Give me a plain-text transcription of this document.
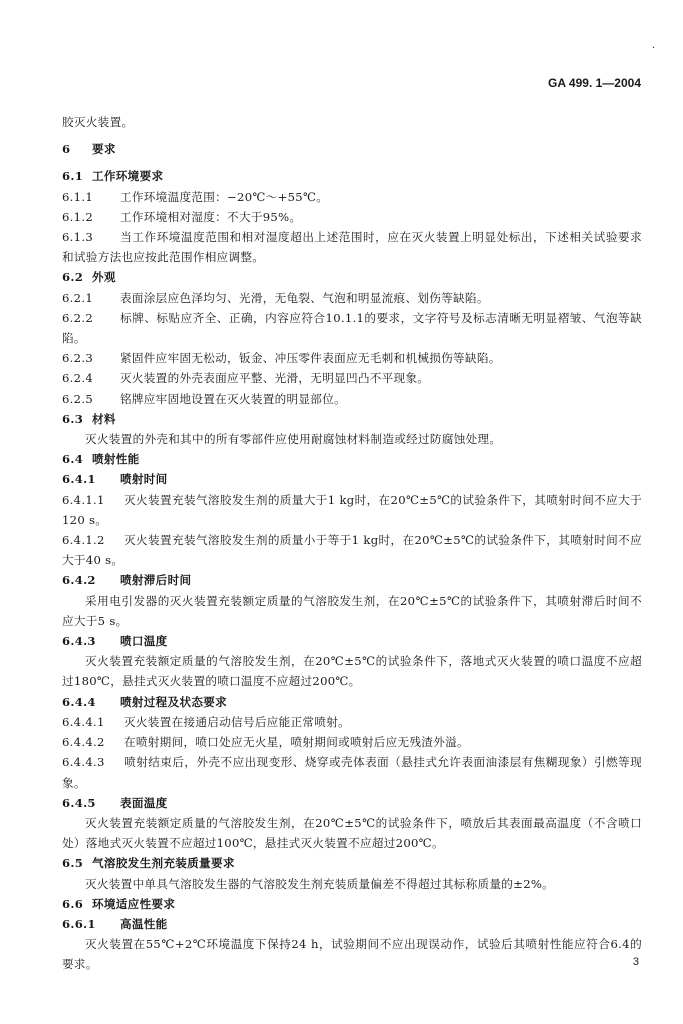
.
GA 499. 1—2004
胶灭火装置。
6 要求
6.1 工作环境要求
6.1.1 工作环境温度范围：−20℃～+55℃。
6.1.2 工作环境相对湿度：不大于95%。
6.1.3 当工作环境温度范围和相对湿度超出上述范围时，应在灭火装置上明显处标出，下述相关试验要求和试验方法也应按此范围作相应调整。
6.2 外观
6.2.1 表面涂层应色泽均匀、光滑，无龟裂、气泡和明显流痕、划伤等缺陷。
6.2.2 标牌、标贴应齐全、正确，内容应符合10.1.1的要求，文字符号及标志清晰无明显褶皱、气泡等缺陷。
6.2.3 紧固件应牢固无松动，钣金、冲压零件表面应无毛刺和机械损伤等缺陷。
6.2.4 灭火装置的外壳表面应平整、光滑，无明显凹凸不平现象。
6.2.5 铭牌应牢固地设置在灭火装置的明显部位。
6.3 材料
灭火装置的外壳和其中的所有零部件应使用耐腐蚀材料制造或经过防腐蚀处理。
6.4 喷射性能
6.4.1 喷射时间
6.4.1.1 灭火装置充装气溶胶发生剂的质量大于1 kg时，在20℃±5℃的试验条件下，其喷射时间不应大于120 s。
6.4.1.2 灭火装置充装气溶胶发生剂的质量小于等于1 kg时，在20℃±5℃的试验条件下，其喷射时间不应大于40 s。
6.4.2 喷射滞后时间
采用电引发器的灭火装置充装额定质量的气溶胶发生剂，在20℃±5℃的试验条件下，其喷射滞后时间不应大于5 s。
6.4.3 喷口温度
灭火装置充装额定质量的气溶胶发生剂，在20℃±5℃的试验条件下，落地式灭火装置的喷口温度不应超过180℃，悬挂式灭火装置的喷口温度不应超过200℃。
6.4.4 喷射过程及状态要求
6.4.4.1 灭火装置在接通启动信号后应能正常喷射。
6.4.4.2 在喷射期间，喷口处应无火星，喷射期间或喷射后应无残渣外溢。
6.4.4.3 喷射结束后，外壳不应出现变形、烧穿或壳体表面（悬挂式允许表面油漆层有焦糊现象）引燃等现象。
6.4.5 表面温度
灭火装置充装额定质量的气溶胶发生剂，在20℃±5℃的试验条件下，喷放后其表面最高温度（不含喷口处）落地式灭火装置不应超过100℃，悬挂式灭火装置不应超过200℃。
6.5 气溶胶发生剂充装质量要求
灭火装置中单具气溶胶发生器的气溶胶发生剂充装质量偏差不得超过其标称质量的±2%。
6.6 环境适应性要求
6.6.1 高温性能
灭火装置在55℃+2℃环境温度下保持24 h，试验期间不应出现误动作，试验后其喷射性能应符合6.4的要求。	3
